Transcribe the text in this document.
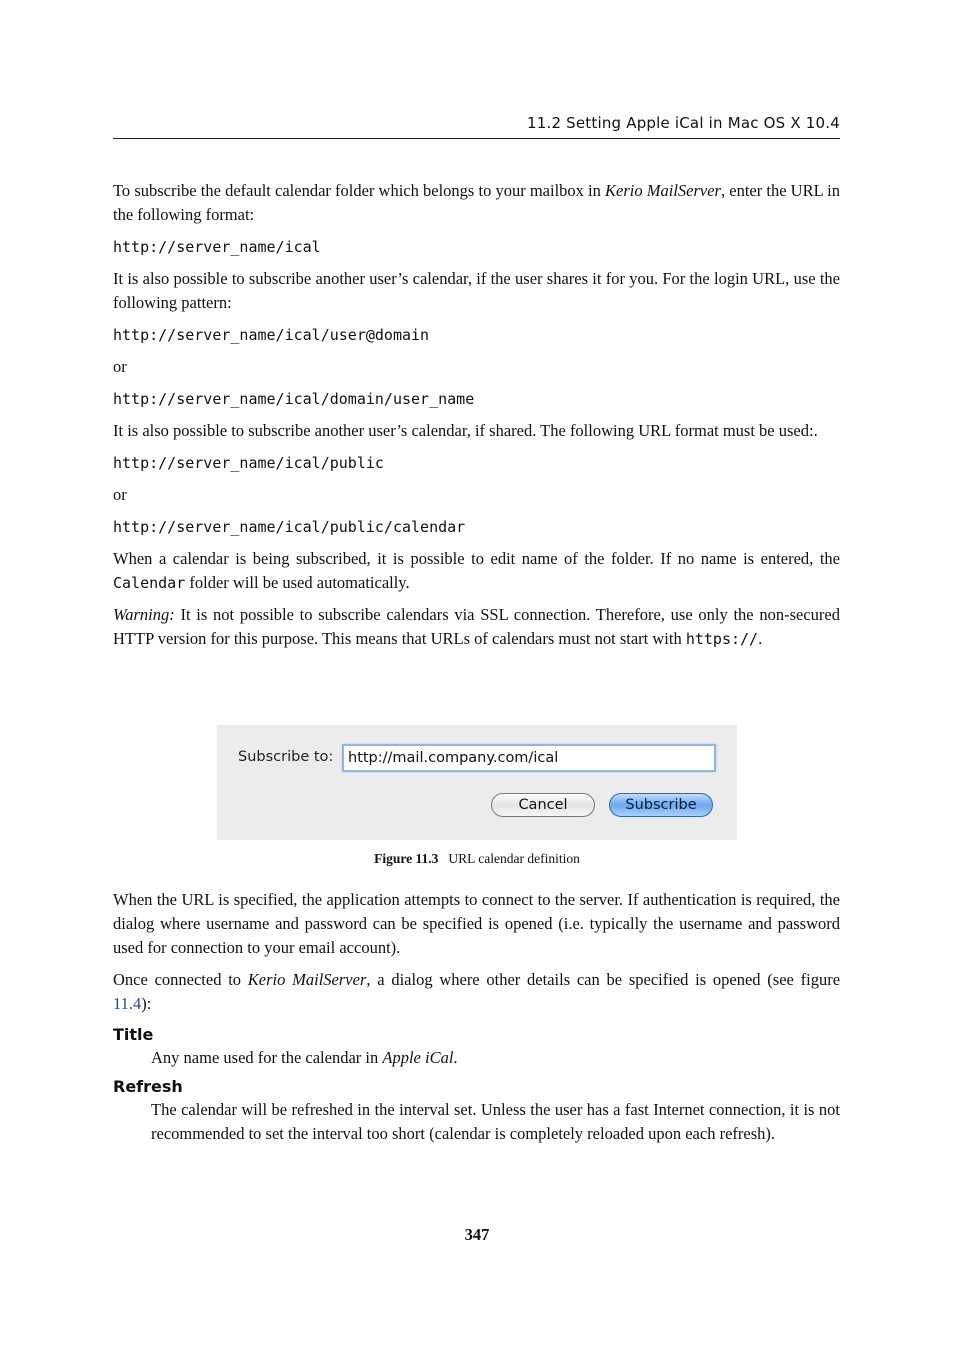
11.2 Setting Apple iCal in Mac OS X 10.4

To subscribe the default calendar folder which belongs to your mailbox in Kerio MailServer, enter the URL in the following format:

http://server_name/ical

It is also possible to subscribe another user’s calendar, if the user shares it for you. For the login URL, use the following pattern:

http://server_name/ical/user@domain
or
http://server_name/ical/domain/user_name

It is also possible to subscribe another user’s calendar, if shared. The following URL format must be used:.

http://server_name/ical/public
or
http://server_name/ical/public/calendar

When a calendar is being subscribed, it is possible to edit name of the folder. If no name is entered, the Calendar folder will be used automatically.

Warning: It is not possible to subscribe calendars via SSL connection. Therefore, use only the non-secured HTTP version for this purpose. This means that URLs of calendars must not start with https://.

Subscribe to:	http://mail.company.com/ical
Cancel	Subscribe
Figure 11.3 URL calendar definition

When the URL is specified, the application attempts to connect to the server. If authentication is required, the dialog where username and password can be specified is opened (i.e. typically the username and password used for connection to your email account).

Once connected to Kerio MailServer, a dialog where other details can be specified is opened (see figure 11.4):

Title

Any name used for the calendar in Apple iCal.

Refresh

The calendar will be refreshed in the interval set. Unless the user has a fast Internet connection, it is not recommended to set the interval too short (calendar is completely reloaded upon each refresh).

347
